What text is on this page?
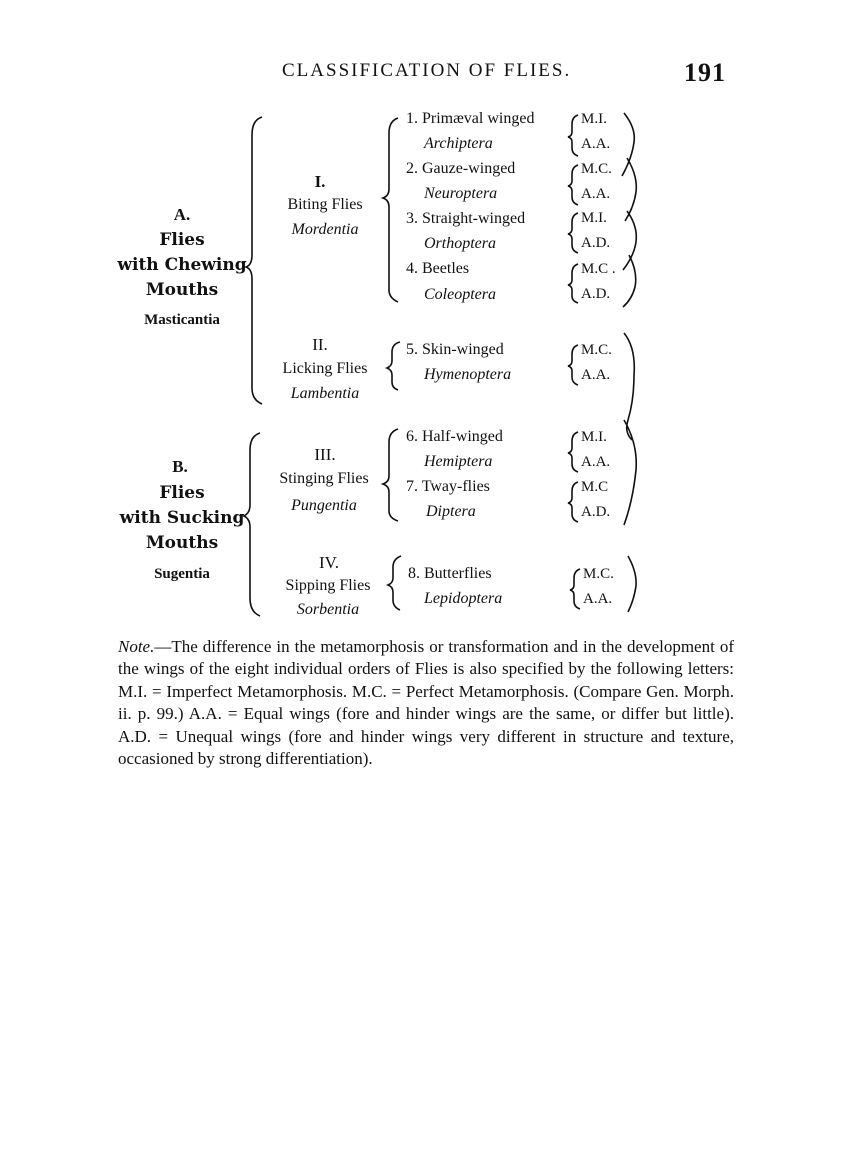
CLASSIFICATION OF FLIES.	191
A.
Flies
with Chewing
Mouths
Masticantia
B.
Flies
with Sucking
Mouths
Sugentia
I.
Biting Flies
Mordentia
II.
Licking Flies
Lambentia
III.
Stinging Flies
Pungentia
IV.
Sipping Flies
Sorbentia
1. Primæval winged
Archiptera
2. Gauze-winged
Neuroptera
3. Straight-winged
Orthoptera
4. Beetles
Coleoptera
5. Skin-winged
Hymenoptera
6. Half-winged
Hemiptera
7. Tway-flies
Diptera
8. Butterflies
Lepidoptera
M.I.
A.A.
M.C.
A.A.
M.I.
A.D.
M.C .
A.D.
M.C.
A.A.
M.I.
A.A.
M.C
A.D.
M.C.
A.A.

Note.—The difference in the metamorphosis or transformation and in the development of the wings of the eight individual orders of Flies is also specified by the following letters: M.I. = Imperfect Metamorphosis. M.C. = Perfect Metamorphosis. (Compare Gen. Morph. ii. p. 99.) A.A. = Equal wings (fore and hinder wings are the same, or differ but little). A.D. = Unequal wings (fore and hinder wings very different in structure and texture, occasioned by strong differentiation).
